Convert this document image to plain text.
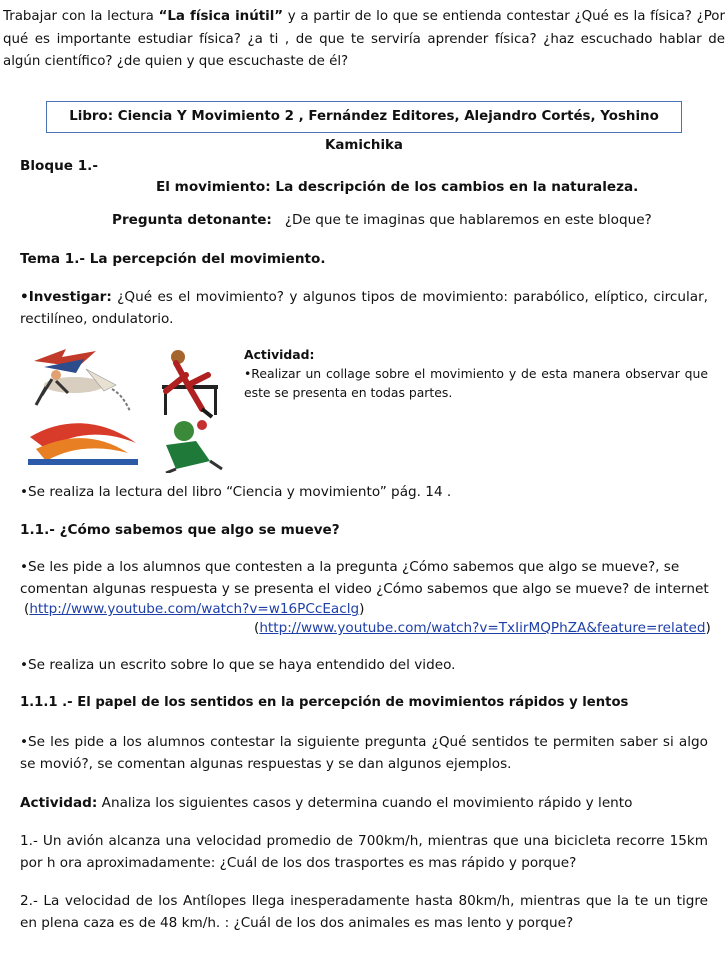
Trabajar con la lectura “La física inútil” y a partir de lo que se entienda contestar ¿Qué es la física? ¿Por qué es importante estudiar física? ¿a ti , de que te serviría aprender física? ¿haz escuchado hablar de algún científico? ¿de quien y que escuchaste de él?

Libro: Ciencia Y Movimiento 2 , Fernández Editores, Alejandro Cortés, Yoshino Kamichika

Bloque 1.-

El movimiento: La descripción de los cambios en la naturaleza.

Pregunta detonante: ¿De que te imaginas que hablaremos en este bloque?

Tema 1.- La percepción del movimiento.

•Investigar: ¿Qué es el movimiento? y algunos tipos de movimiento: parabólico, elíptico, circular, rectilíneo, ondulatorio.

Actividad:

•Realizar un collage sobre el movimiento y de esta manera observar que este se presenta en todas partes.

•Se realiza la lectura del libro “Ciencia y movimiento” pág. 14 .

1.1.- ¿Cómo sabemos que algo se mueve?

•Se les pide a los alumnos que contesten a la pregunta ¿Cómo sabemos que algo se mueve?, se

comentan algunas respuesta y se presenta el video ¿Cómo sabemos que algo se mueve? de internet

(http://www.youtube.com/watch?v=w16PCcEaclg)

(http://www.youtube.com/watch?v=TxIirMQPhZA&feature=related)

•Se realiza un escrito sobre lo que se haya entendido del video.

1.1.1 .- El papel de los sentidos en la percepción de movimientos rápidos y lentos

•Se les pide a los alumnos contestar la siguiente pregunta ¿Qué sentidos te permiten saber si algo se movió?, se comentan algunas respuestas y se dan algunos ejemplos.

Actividad: Analiza los siguientes casos y determina cuando el movimiento rápido y lento

1.- Un avión alcanza una velocidad promedio de 700km/h, mientras que una bicicleta recorre 15km por h ora aproximadamente: ¿Cuál de los dos trasportes es mas rápido y porque?

2.- La velocidad de los Antílopes llega inesperadamente hasta 80km/h, mientras que la te un tigre en plena caza es de 48 km/h. : ¿Cuál de los dos animales es mas lento y porque?
